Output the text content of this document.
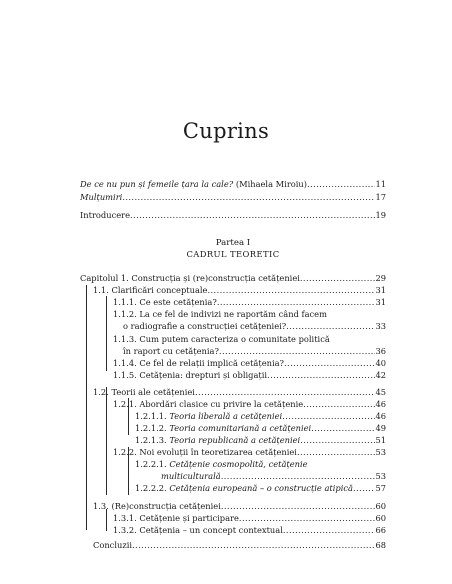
Cuprins
De ce nu pun și femeile țara la cale? (Mihaela Miroiu) .....	11
Mulțumiri .....	17
Introducere .....	19
Partea I
CADRUL TEORETIC
Capitolul 1. Construcția și (re)construcția cetățeniei .....	29
1.1. Clarificări conceptuale .....	31
1.1.1. Ce este cetățenia? .....	31
1.1.2. La ce fel de indivizi ne raportăm când facem
o radiografie a construcției cetățeniei? .....	33
1.1.3. Cum putem caracteriza o comunitate politică
în raport cu cetățenia? .....	36
1.1.4. Ce fel de relații implică cetățenia? .....	40
1.1.5. Cetățenia: drepturi și obligații .....	42
1.2. Teorii ale cetățeniei .....	45
1.2.1. Abordări clasice cu privire la cetățenie .....	46
1.2.1.1. Teoria liberală a cetățeniei .....	46
1.2.1.2. Teoria comunitariană a cetățeniei .....	49
1.2.1.3. Teoria republicană a cetățeniei .....	51
1.2.2. Noi evoluții în teoretizarea cetățeniei .....	53
1.2.2.1. Cetățenie cosmopolită, cetățenie
multiculturală .....	53
1.2.2.2. Cetățenia europeană – o construcție atipică .....	57
1.3. (Re)construcția cetățeniei .....	60
1.3.1. Cetățenie și participare .....	60
1.3.2. Cetățenia – un concept contextual .....	66
Concluzii .....	68
